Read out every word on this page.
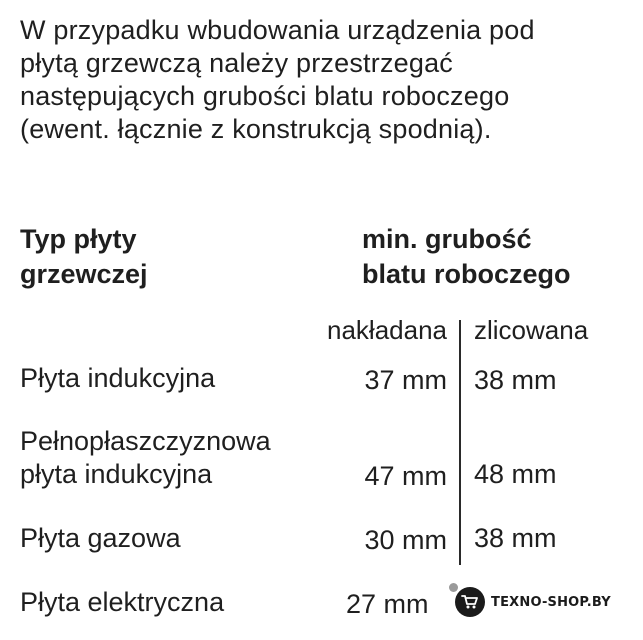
W przypadku wbudowania urządzenia pod
płytą grzewczą należy przestrzegać
następujących grubości blatu roboczego
(ewent. łącznie z konstrukcją spodnią).
Typ płyty
grzewczej
min. grubość
blatu roboczego
nakładana zlicowana
Płyta indukcyjna	37 mm 38 mm
Pełnopłaszczyznowa
płyta indukcyjna	47 mm 48 mm
Płyta gazowa	30 mm 38 mm
Płyta elektryczna	27 mm	TEXNO-SHOP.BY
